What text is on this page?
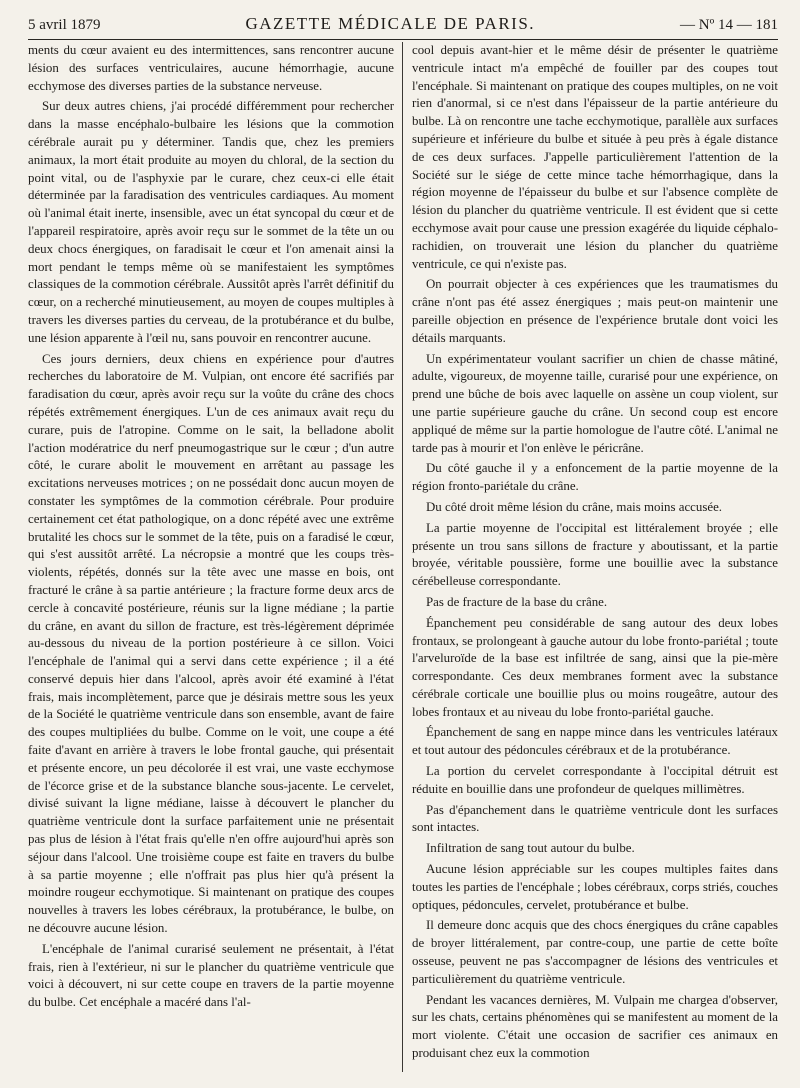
5 avril 1879	GAZETTE MÉDICALE DE PARIS.	— Nº 14 — 181

ments du cœur avaient eu des intermittences, sans rencontrer aucune lésion des surfaces ventriculaires, aucune hémorrhagie, aucune ecchymose des diverses parties de la substance nerveuse.

Sur deux autres chiens, j'ai procédé différemment pour rechercher dans la masse encéphalo-bulbaire les lésions que la commotion cérébrale aurait pu y déterminer. Tandis que, chez les premiers animaux, la mort était produite au moyen du chloral, de la section du point vital, ou de l'asphyxie par le curare, chez ceux-ci elle était déterminée par la faradisation des ventricules cardiaques. Au moment où l'animal était inerte, insensible, avec un état syncopal du cœur et de l'appareil respiratoire, après avoir reçu sur le sommet de la tête un ou deux chocs énergiques, on faradisait le cœur et l'on amenait ainsi la mort pendant le temps même où se manifestaient les symptômes classiques de la commotion cérébrale. Aussitôt après l'arrêt définitif du cœur, on a recherché minutieusement, au moyen de coupes multiples à travers les diverses parties du cerveau, de la protubérance et du bulbe, une lésion apparente à l'œil nu, sans pouvoir en rencontrer aucune.

Ces jours derniers, deux chiens en expérience pour d'autres recherches du laboratoire de M. Vulpian, ont encore été sacrifiés par faradisation du cœur, après avoir reçu sur la voûte du crâne des chocs répétés extrêmement énergiques. L'un de ces animaux avait reçu du curare, puis de l'atropine. Comme on le sait, la belladone abolit l'action modératrice du nerf pneumogastrique sur le cœur ; d'un autre côté, le curare abolit le mouvement en arrêtant au passage les excitations nerveuses motrices ; on ne possédait donc aucun moyen de constater les symptômes de la commotion cérébrale. Pour produire certainement cet état pathologique, on a donc répété avec une extrême brutalité les chocs sur le sommet de la tête, puis on a faradisé le cœur, qui s'est aussitôt arrêté. La nécropsie a montré que les coups très-violents, répétés, donnés sur la tête avec une masse en bois, ont fracturé le crâne à sa partie antérieure ; la fracture forme deux arcs de cercle à concavité postérieure, réunis sur la ligne médiane ; la partie du crâne, en avant du sillon de fracture, est très-légèrement déprimée au-dessous du niveau de la portion postérieure à ce sillon. Voici l'encéphale de l'animal qui a servi dans cette expérience ; il a été conservé depuis hier dans l'alcool, après avoir été examiné à l'état frais, mais incomplètement, parce que je désirais mettre sous les yeux de la Société le quatrième ventricule dans son ensemble, avant de faire des coupes multipliées du bulbe. Comme on le voit, une coupe a été faite d'avant en arrière à travers le lobe frontal gauche, qui présentait et présente encore, un peu décolorée il est vrai, une vaste ecchymose de l'écorce grise et de la substance blanche sous-jacente. Le cervelet, divisé suivant la ligne médiane, laisse à découvert le plancher du quatrième ventricule dont la surface parfaitement unie ne présentait pas plus de lésion à l'état frais qu'elle n'en offre aujourd'hui après son séjour dans l'alcool. Une troisième coupe est faite en travers du bulbe à sa partie moyenne ; elle n'offrait pas plus hier qu'à présent la moindre rougeur ecchymotique. Si maintenant on pratique des coupes nouvelles à travers les lobes cérébraux, la protubérance, le bulbe, on ne découvre aucune lésion.

L'encéphale de l'animal curarisé seulement ne présentait, à l'état frais, rien à l'extérieur, ni sur le plancher du quatrième ventricule que voici à découvert, ni sur cette coupe en travers de la partie moyenne du bulbe. Cet encéphale a macéré dans l'al-

cool depuis avant-hier et le même désir de présenter le quatrième ventricule intact m'a empêché de fouiller par des coupes tout l'encéphale. Si maintenant on pratique des coupes multiples, on ne voit rien d'anormal, si ce n'est dans l'épaisseur de la partie antérieure du bulbe. Là on rencontre une tache ecchymotique, parallèle aux surfaces supérieure et inférieure du bulbe et située à peu près à égale distance de ces deux surfaces. J'appelle particulièrement l'attention de la Société sur le siége de cette mince tache hémorrhagique, dans la région moyenne de l'épaisseur du bulbe et sur l'absence complète de lésion du plancher du quatrième ventricule. Il est évident que si cette ecchymose avait pour cause une pression exagérée du liquide céphalo-rachidien, on trouverait une lésion du plancher du quatrième ventricule, ce qui n'existe pas.

On pourrait objecter à ces expériences que les traumatismes du crâne n'ont pas été assez énergiques ; mais peut-on maintenir une pareille objection en présence de l'expérience brutale dont voici les détails marquants.

Un expérimentateur voulant sacrifier un chien de chasse mâtiné, adulte, vigoureux, de moyenne taille, curarisé pour une expérience, on prend une bûche de bois avec laquelle on assène un coup violent, sur une partie supérieure gauche du crâne. Un second coup est encore appliqué de même sur la partie homologue de l'autre côté. L'animal ne tarde pas à mourir et l'on enlève le péricrâne.

Du côté gauche il y a enfoncement de la partie moyenne de la région fronto-pariétale du crâne.

Du côté droit même lésion du crâne, mais moins accusée.

La partie moyenne de l'occipital est littéralement broyée ; elle présente un trou sans sillons de fracture y aboutissant, et la partie broyée, véritable poussière, forme une bouillie avec la substance cérébelleuse correspondante.

Pas de fracture de la base du crâne.

Épanchement peu considérable de sang autour des deux lobes frontaux, se prolongeant à gauche autour du lobe fronto-pariétal ; toute l'arveluroïde de la base est infiltrée de sang, ainsi que la pie-mère correspondante. Ces deux membranes forment avec la substance cérébrale corticale une bouillie plus ou moins rougeâtre, autour des lobes frontaux et au niveau du lobe fronto-pariétal gauche.

Épanchement de sang en nappe mince dans les ventricules latéraux et tout autour des pédoncules cérébraux et de la protubérance.

La portion du cervelet correspondante à l'occipital détruit est réduite en bouillie dans une profondeur de quelques millimètres.

Pas d'épanchement dans le quatrième ventricule dont les surfaces sont intactes.

Infiltration de sang tout autour du bulbe.

Aucune lésion appréciable sur les coupes multiples faites dans toutes les parties de l'encéphale ; lobes cérébraux, corps striés, couches optiques, pédoncules, cervelet, protubérance et bulbe.

Il demeure donc acquis que des chocs énergiques du crâne capables de broyer littéralement, par contre-coup, une partie de cette boîte osseuse, peuvent ne pas s'accompagner de lésions des ventricules et particulièrement du quatrième ventricule.

Pendant les vacances dernières, M. Vulpain me chargea d'observer, sur les chats, certains phénomènes qui se manifestent au moment de la mort violente. C'était une occasion de sacrifier ces animaux en produisant chez eux la commotion
